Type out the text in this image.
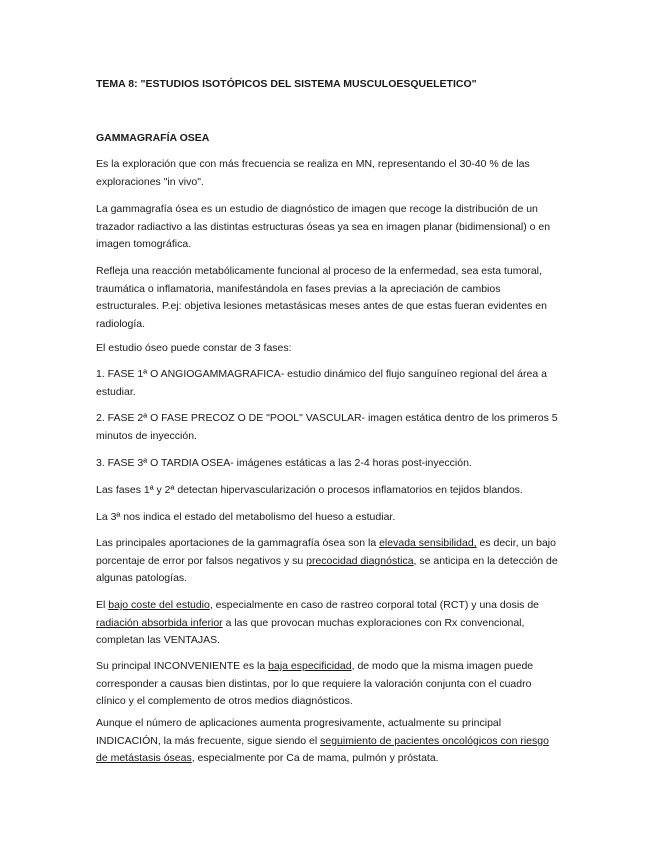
TEMA 8: "ESTUDIOS ISOTÓPICOS DEL SISTEMA MUSCULOESQUELETICO"

GAMMAGRAFÍA OSEA

Es la exploración que con más frecuencia se realiza en MN, representando el 30-40 % de las exploraciones "in vivo".

La gammagrafía ósea es un estudio de diagnóstico de imagen que recoge la distribución de un trazador radiactivo a las distintas estructuras óseas ya sea en imagen planar (bidimensional) o en imagen tomográfica.

Refleja una reacción metabólicamente funcional al proceso de la enfermedad, sea esta tumoral, traumática o inflamatoria, manifestándola en fases previas a la apreciación de cambios estructurales. P.ej: objetiva lesiones metastásicas meses antes de que estas fueran evidentes en radiología.

El estudio óseo puede constar de 3 fases:

1. FASE 1ª O ANGIOGAMMAGRAFICA- estudio dinámico del flujo sanguíneo regional del área a estudiar.

2. FASE 2ª O FASE PRECOZ O DE "POOL" VASCULAR- imagen estática dentro de los primeros 5 minutos de inyección.

3. FASE 3ª O TARDIA OSEA- imágenes estáticas a las 2-4 horas post-inyección.

Las fases 1ª y 2ª detectan hipervascularización o procesos inflamatorios en tejidos blandos.

La 3ª nos indica el estado del metabolismo del hueso a estudiar.

Las principales aportaciones de la gammagrafía ósea son la elevada sensibilidad, es decir, un bajo porcentaje de error por falsos negativos y su precocidad diagnóstica, se anticipa en la detección de algunas patologías.

El bajo coste del estudio, especialmente en caso de rastreo corporal total (RCT) y una dosis de radiación absorbida inferior a las que provocan muchas exploraciones con Rx convencional, completan las VENTAJAS.

Su principal INCONVENIENTE es la baja especificidad, de modo que la misma imagen puede corresponder a causas bien distintas, por lo que requiere la valoración conjunta con el cuadro clínico y el complemento de otros medios diagnósticos.

Aunque el número de aplicaciones aumenta progresivamente, actualmente su principal INDICACIÓN, la más frecuente, sigue siendo el seguimiento de pacientes oncológicos con riesgo de metástasis óseas, especialmente por Ca de mama, pulmón y próstata.
